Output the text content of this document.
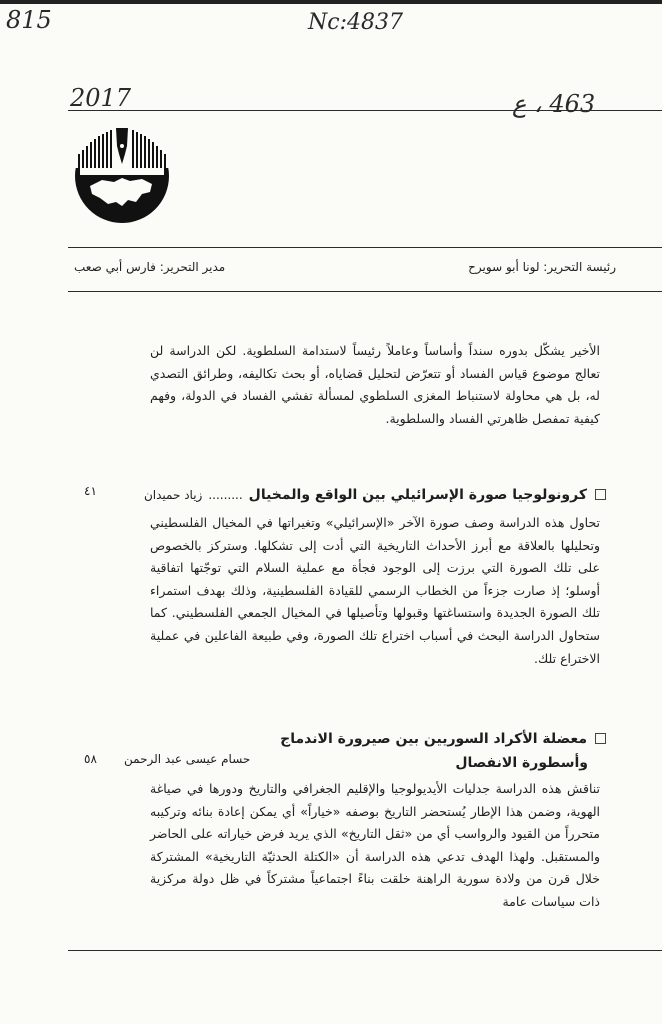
815	Nc:4837
2017	463 ، ع
رئيسة التحرير: لونا أبو سويرح
مدير التحرير: فارس أبي صعب

الأخير يشكّل بدوره سنداً وأساساً وعاملاً رئيساً لاستدامة السلطوية. لكن الدراسة لن تعالج موضوع قياس الفساد أو تتعرّض لتحليل قضاياه، أو بحث تكاليفه، وطرائق التصدي له، بل هي محاولة لاستنباط المغزى السلطوي لمسألة تفشي الفساد في الدولة، وفهم كيفية تمفصل ظاهرتي الفساد والسلطوية.

كرونولوجيا صورة الإسرائيلي بين الواقع والمخيال.........زياد حميدان
٤١

تحاول هذه الدراسة وصف صورة الآخر «الإسرائيلي» وتغيراتها في المخيال الفلسطيني وتحليلها بالعلاقة مع أبرز الأحداث التاريخية التي أدت إلى تشكلها. وستركز بالخصوص على تلك الصورة التي برزت إلى الوجود فجأة مع عملية السلام التي توجّتها اتفاقية أوسلو؛ إذ صارت جزءاً من الخطاب الرسمي للقيادة الفلسطينية، وذلك بهدف استمراء تلك الصورة الجديدة واستساغتها وقبولها وتأصيلها في المخيال الجمعي الفلسطيني. كما ستحاول الدراسة البحث في أسباب اختراع تلك الصورة، وفي طبيعة الفاعلين في عملية الاختراع تلك.

معضلة الأكراد السوريين بين صيرورة الاندماج
وأسطورة الانفصال
حسام عيسى عبد الرحمن
٥٨

تناقش هذه الدراسة جدليات الأيديولوجيا والإقليم الجغرافي والتاريخ ودورها في صياغة الهوية، وضمن هذا الإطار يُستحضر التاريخ بوصفه «خياراً» أي يمكن إعادة بنائه وتركيبه متحرراً من القيود والرواسب أي من «ثقل التاريخ» الذي يريد فرض خياراته على الحاضر والمستقبل. ولهذا الهدف تدعي هذه الدراسة أن «الكتلة الحدثيّة التاريخية» المشتركة خلال قرن من ولادة سورية الراهنة خلقت بناءً اجتماعياً مشتركاً في ظل دولة مركزية ذات سياسات عامة
